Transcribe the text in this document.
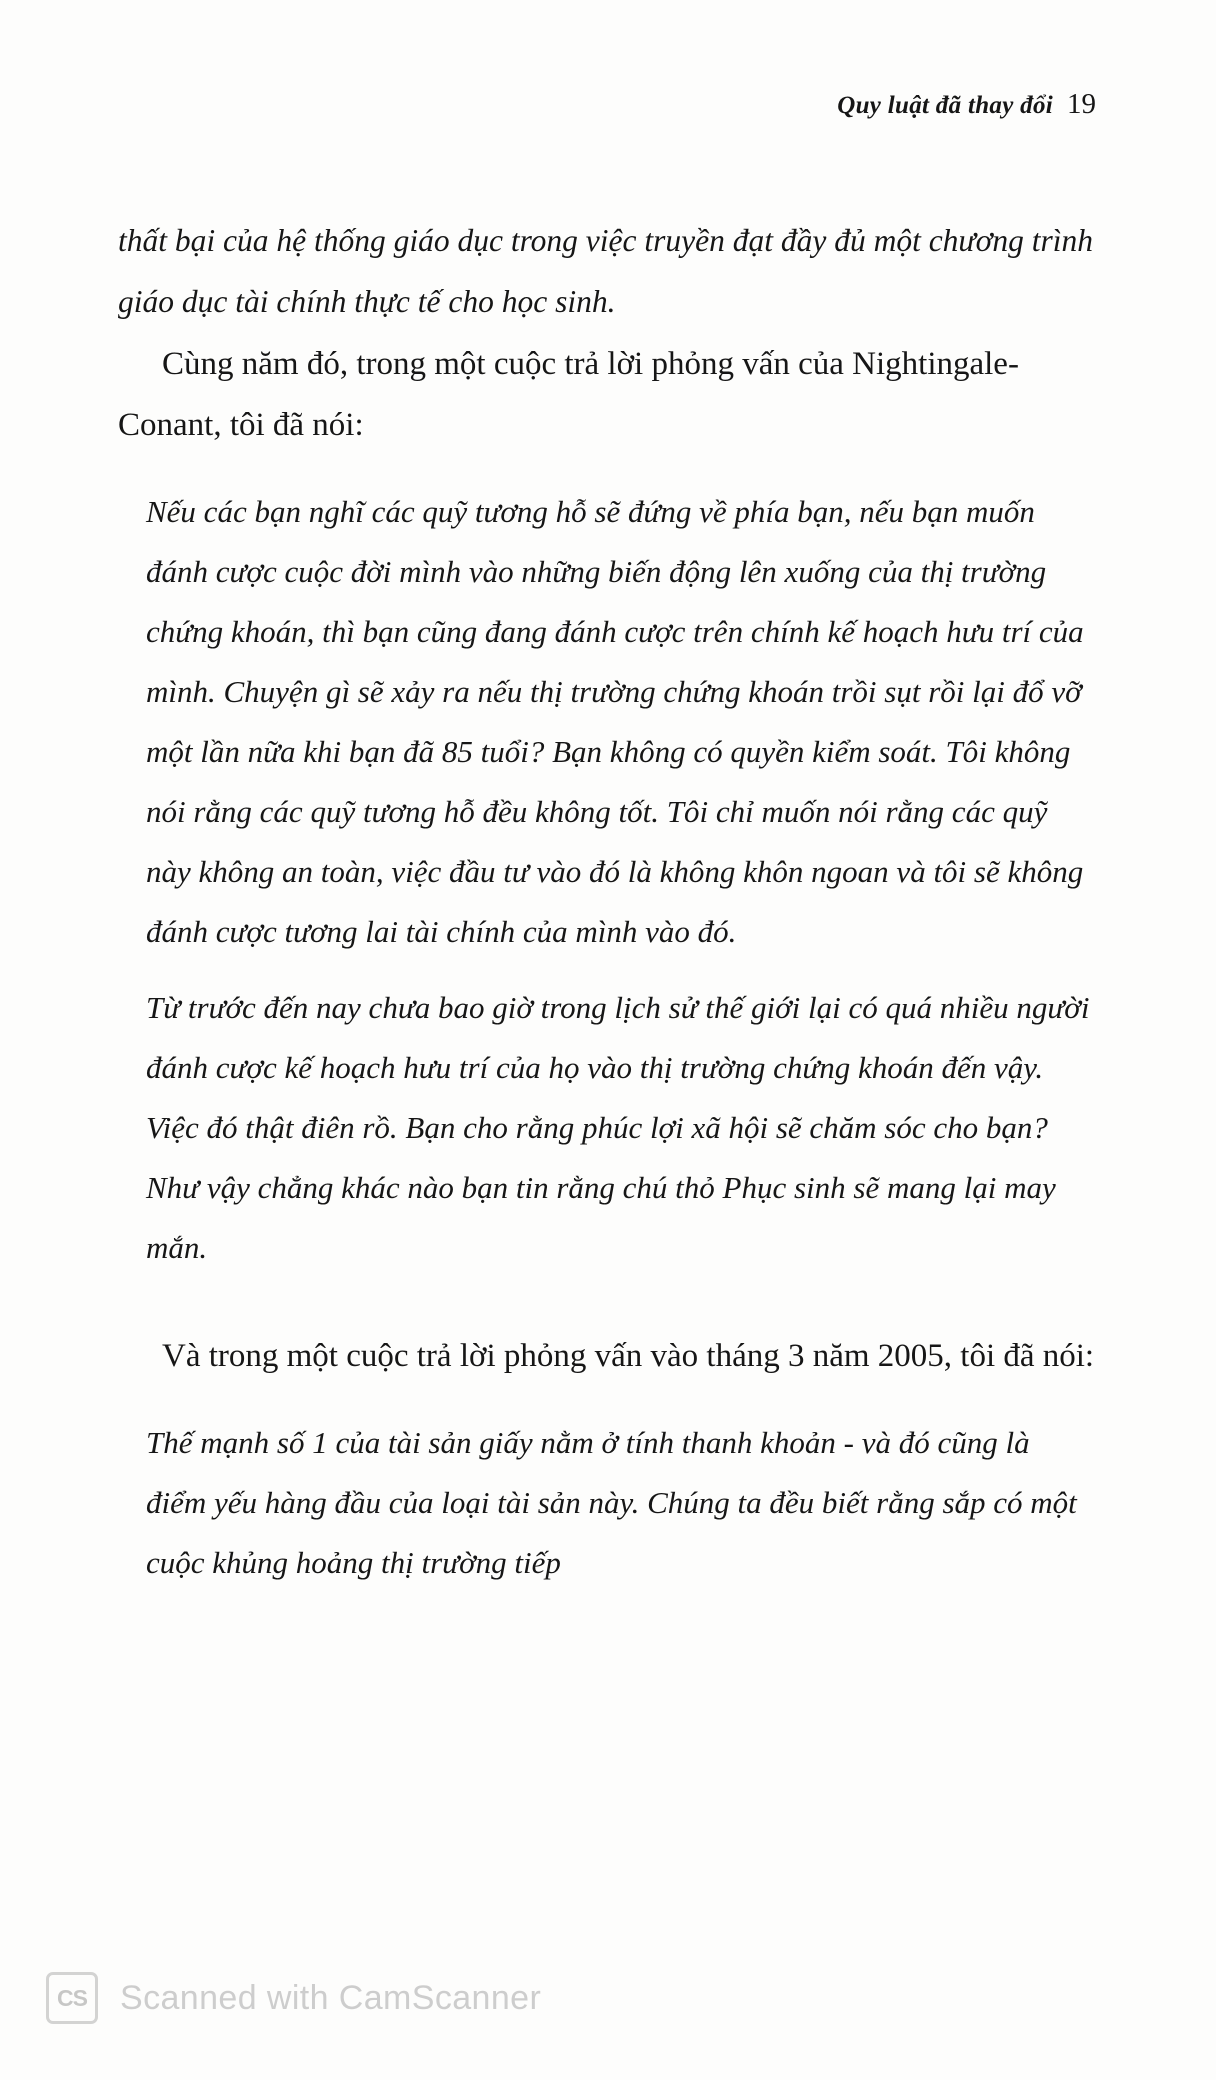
Quy luật đã thay đổi 19

thất bại của hệ thống giáo dục trong việc truyền đạt đầy đủ một chương trình giáo dục tài chính thực tế cho học sinh.

Cùng năm đó, trong một cuộc trả lời phỏng vấn của Nightingale-Conant, tôi đã nói:

Nếu các bạn nghĩ các quỹ tương hỗ sẽ đứng về phía bạn, nếu bạn muốn đánh cược cuộc đời mình vào những biến động lên xuống của thị trường chứng khoán, thì bạn cũng đang đánh cược trên chính kế hoạch hưu trí của mình. Chuyện gì sẽ xảy ra nếu thị trường chứng khoán trồi sụt rồi lại đổ vỡ một lần nữa khi bạn đã 85 tuổi? Bạn không có quyền kiểm soát. Tôi không nói rằng các quỹ tương hỗ đều không tốt. Tôi chỉ muốn nói rằng các quỹ này không an toàn, việc đầu tư vào đó là không khôn ngoan và tôi sẽ không đánh cược tương lai tài chính của mình vào đó.

Từ trước đến nay chưa bao giờ trong lịch sử thế giới lại có quá nhiều người đánh cược kế hoạch hưu trí của họ vào thị trường chứng khoán đến vậy. Việc đó thật điên rồ. Bạn cho rằng phúc lợi xã hội sẽ chăm sóc cho bạn? Như vậy chẳng khác nào bạn tin rằng chú thỏ Phục sinh sẽ mang lại may mắn.

Và trong một cuộc trả lời phỏng vấn vào tháng 3 năm 2005, tôi đã nói:

Thế mạnh số 1 của tài sản giấy nằm ở tính thanh khoản - và đó cũng là điểm yếu hàng đầu của loại tài sản này. Chúng ta đều biết rằng sắp có một cuộc khủng hoảng thị trường tiếp

CS Scanned with CamScanner
